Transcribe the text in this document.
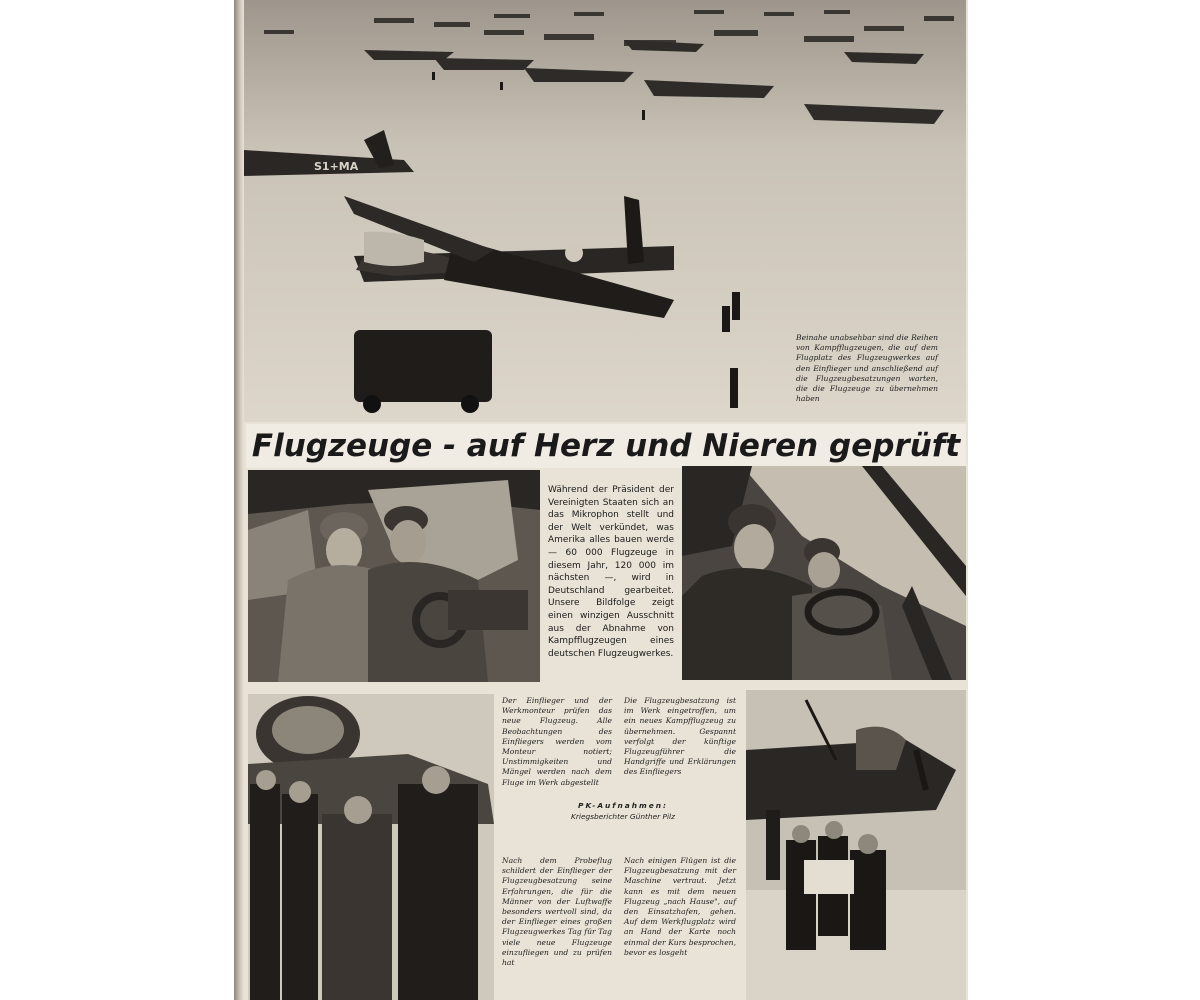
S1+MA
Beinahe unabsehbar sind die Reihen von Kampfflugzeugen, die auf dem Flugplatz des Flugzeugwerkes auf den Einflieger und anschließend auf die Flugzeugbesatzungen warten, die die Flugzeuge zu übernehmen haben
Flugzeuge - auf Herz und Nieren geprüft
Während der Präsident der Vereinigten Staaten sich an das Mikrophon stellt und der Welt verkündet, was Amerika alles bauen werde — 60 000 Flugzeuge in diesem Jahr, 120 000 im nächsten —, wird in Deutschland gearbeitet. Unsere Bildfolge zeigt einen winzigen Ausschnitt aus der Abnahme von Kampfflugzeugen eines deutschen Flugzeugwerkes.
Der Einflieger und der Werkmonteur prüfen das neue Flugzeug. Alle Beobachtungen des Einfliegers werden vom Monteur notiert; Unstimmigkeiten und Mängel werden nach dem Fluge im Werk abgestellt
Die Flugzeugbesatzung ist im Werk eingetroffen, um ein neues Kampfflugzeug zu übernehmen. Gespannt verfolgt der künftige Flugzeugführer die Handgriffe und Erklärungen des Einfliegers
PK-Aufnahmen:
Kriegsberichter Günther Pilz
Nach dem Probeflug schildert der Einflieger der Flugzeugbesatzung seine Erfahrungen, die für die Männer von der Luftwaffe besonders wertvoll sind, da der Einflieger eines großen Flugzeugwerkes Tag für Tag viele neue Flugzeuge einzufliegen und zu prüfen hat
Nach einigen Flügen ist die Flugzeugbesatzung mit der Maschine vertraut. Jetzt kann es mit dem neuen Flugzeug „nach Hause", auf den Einsatzhafen, gehen. Auf dem Werkflugplatz wird an Hand der Karte noch einmal der Kurs besprochen, bevor es losgeht
